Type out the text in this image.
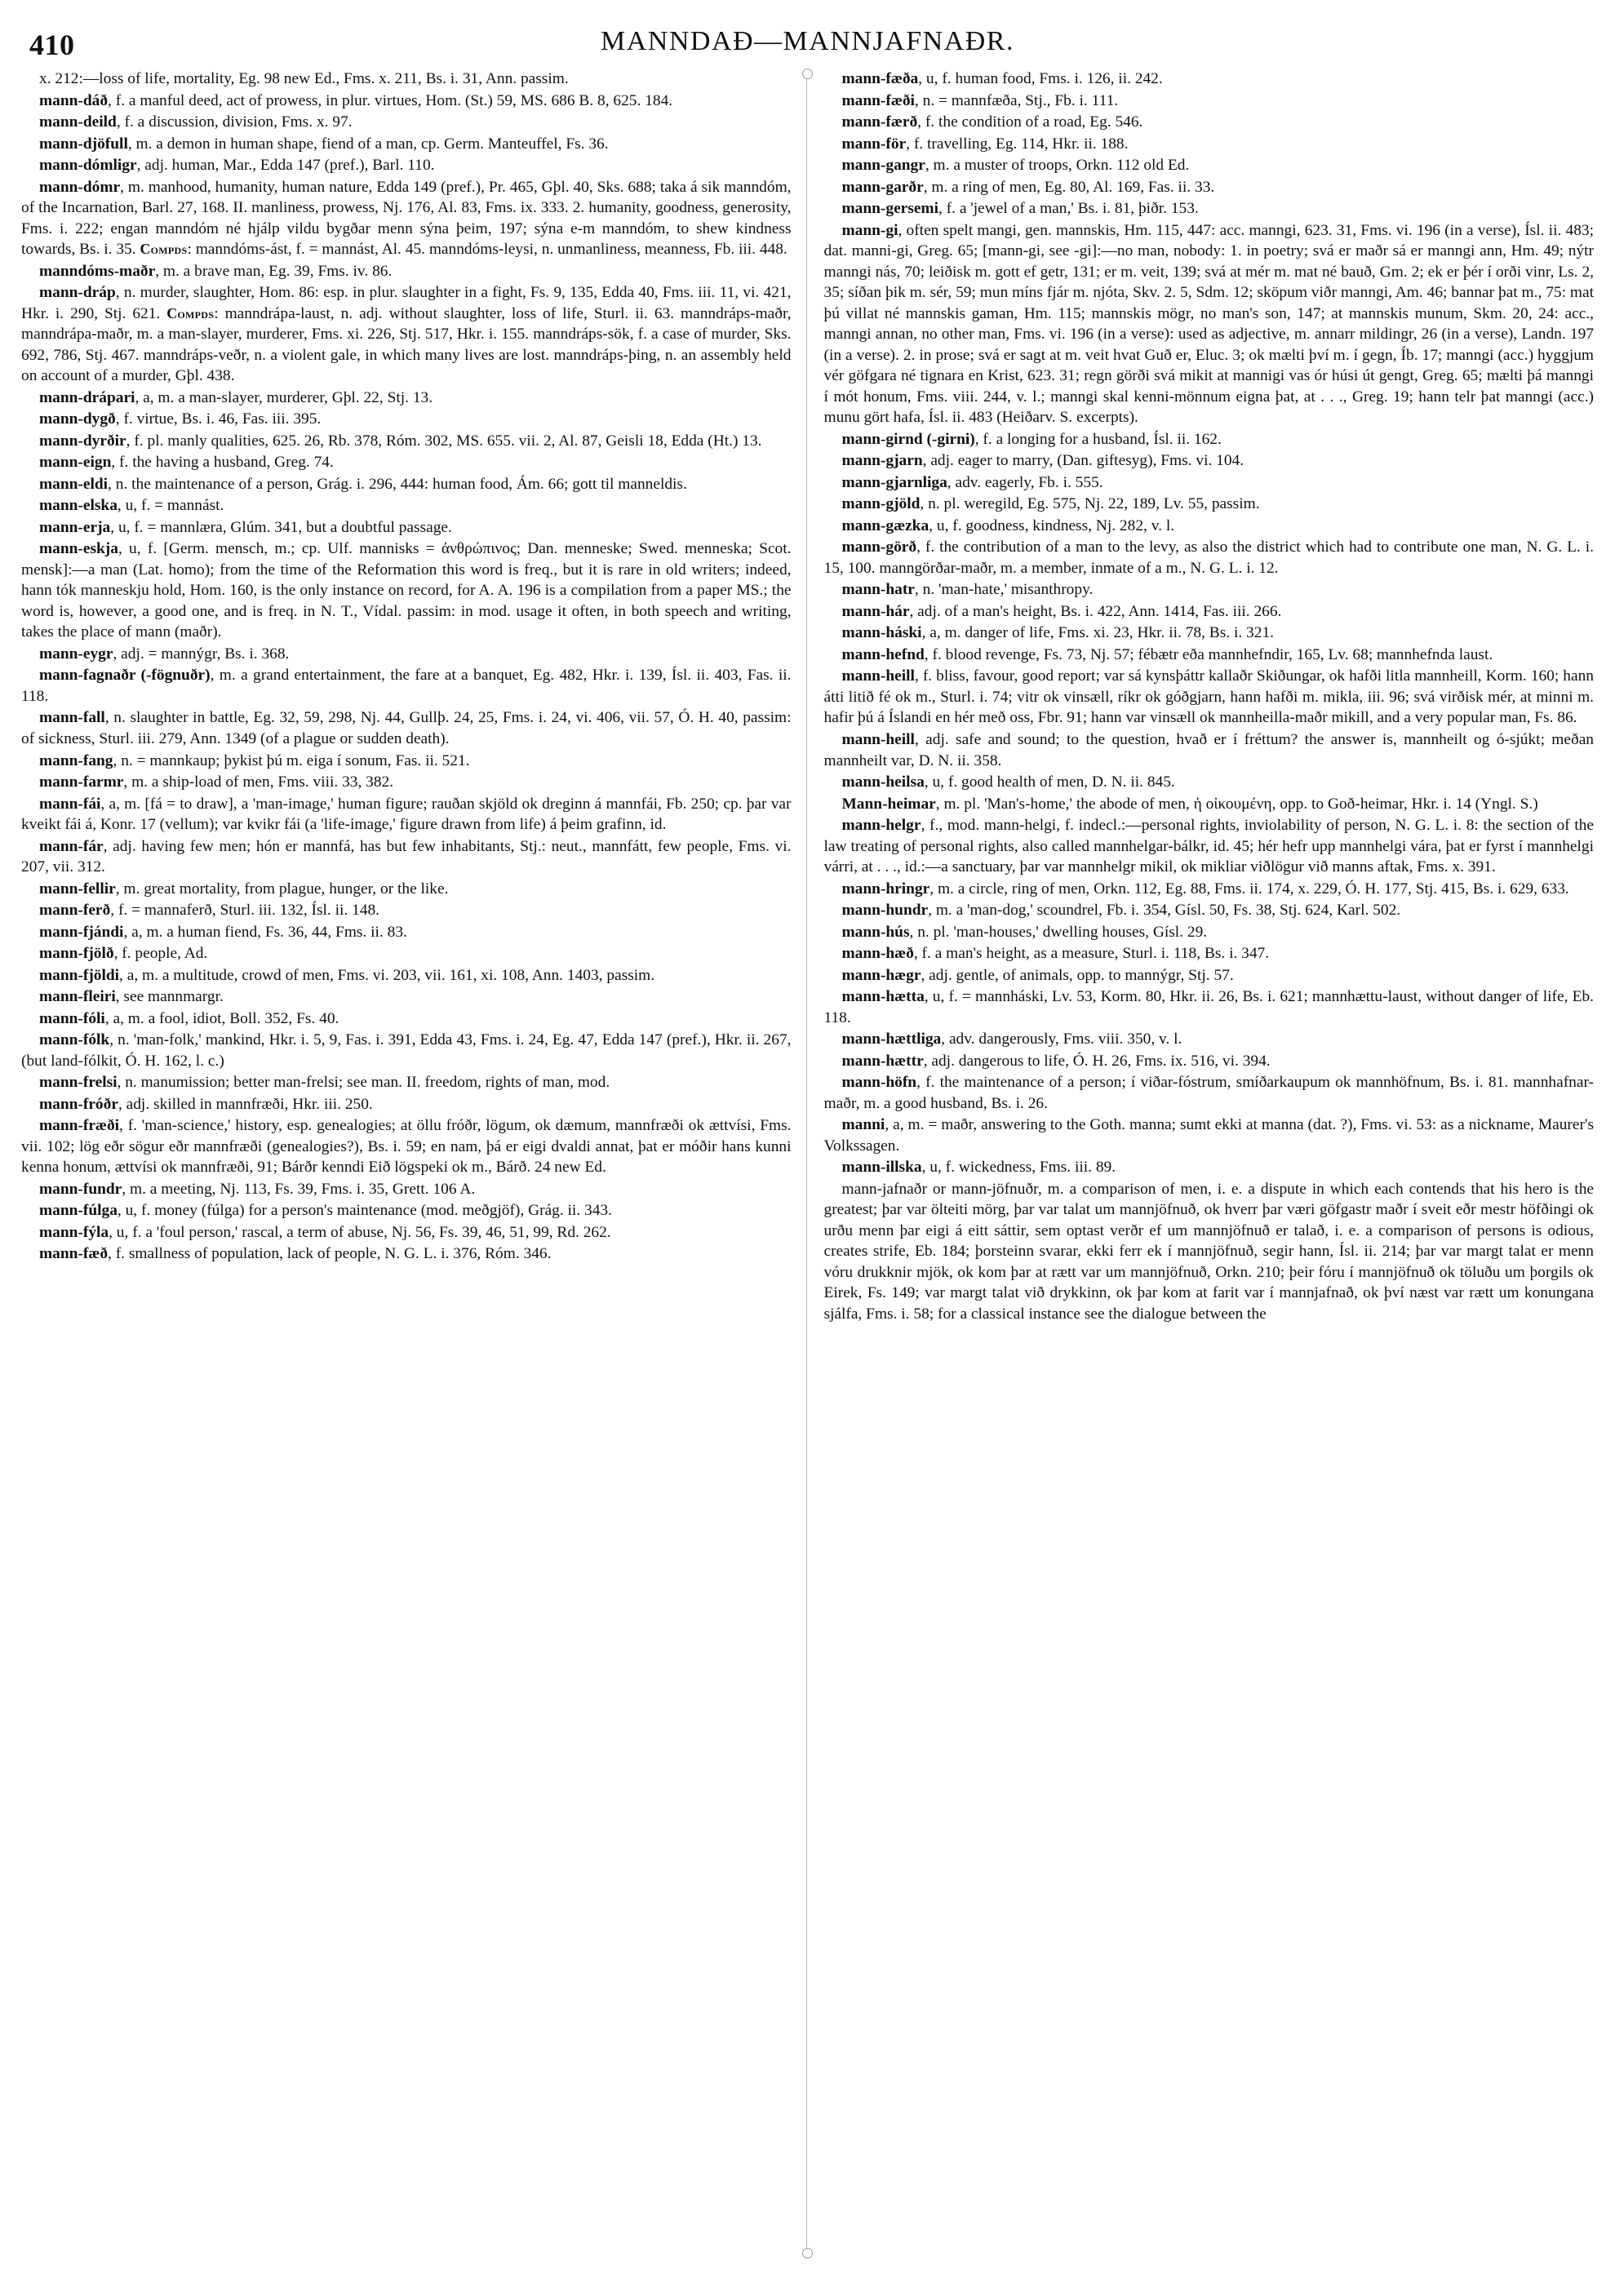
410	MANNDAÐ—MANNJAFNAÐR.

x. 212:—loss of life, mortality, Eg. 98 new Ed., Fms. x. 211, Bs. i. 31, Ann. passim.

mann-dáð, f. a manful deed, act of prowess, in plur. virtues, Hom. (St.) 59, MS. 686 B. 8, 625. 184.

mann-deild, f. a discussion, division, Fms. x. 97.

mann-djöfull, m. a demon in human shape, fiend of a man, cp. Germ. Manteuffel, Fs. 36.

mann-dómligr, adj. human, Mar., Edda 147 (pref.), Barl. 110.

mann-dómr, m. manhood, humanity, human nature, Edda 149 (pref.), Pr. 465, Gþl. 40, Sks. 688; taka á sik manndóm, of the Incarnation, Barl. 27, 168. II. manliness, prowess, Nj. 176, Al. 83, Fms. ix. 333. 2. humanity, goodness, generosity, Fms. i. 222; engan manndóm né hjálp vildu bygðar menn sýna þeim, 197; sýna e-m manndóm, to shew kindness towards, Bs. i. 35. Compds: manndóms-ást, f. = mannást, Al. 45. manndóms-leysi, n. unmanliness, meanness, Fb. iii. 448.

manndóms-maðr, m. a brave man, Eg. 39, Fms. iv. 86.

mann-dráp, n. murder, slaughter, Hom. 86: esp. in plur. slaughter in a fight, Fs. 9, 135, Edda 40, Fms. iii. 11, vi. 421, Hkr. i. 290, Stj. 621. Compds: manndrápa-laust, n. adj. without slaughter, loss of life, Sturl. ii. 63. manndráps-maðr, manndrápa-maðr, m. a man-slayer, murderer, Fms. xi. 226, Stj. 517, Hkr. i. 155. manndráps-sök, f. a case of murder, Sks. 692, 786, Stj. 467. manndráps-veðr, n. a violent gale, in which many lives are lost. manndráps-þing, n. an assembly held on account of a murder, Gþl. 438.

mann-drápari, a, m. a man-slayer, murderer, Gþl. 22, Stj. 13.

mann-dygð, f. virtue, Bs. i. 46, Fas. iii. 395.

mann-dyrðir, f. pl. manly qualities, 625. 26, Rb. 378, Róm. 302, MS. 655. vii. 2, Al. 87, Geisli 18, Edda (Ht.) 13.

mann-eign, f. the having a husband, Greg. 74.

mann-eldi, n. the maintenance of a person, Grág. i. 296, 444: human food, Ám. 66; gott til manneldis.

mann-elska, u, f. = mannást.

mann-erja, u, f. = mannlæra, Glúm. 341, but a doubtful passage.

mann-eskja, u, f. [Germ. mensch, m.; cp. Ulf. mannisks = ἀνθρώπινος; Dan. menneske; Swed. menneska; Scot. mensk]:—a man (Lat. homo); from the time of the Reformation this word is freq., but it is rare in old writers; indeed, hann tók manneskju hold, Hom. 160, is the only instance on record, for A. A. 196 is a compilation from a paper MS.; the word is, however, a good one, and is freq. in N. T., Vídal. passim: in mod. usage it often, in both speech and writing, takes the place of mann (maðr).

mann-eygr, adj. = mannýgr, Bs. i. 368.

mann-fagnaðr (-fögnuðr), m. a grand entertainment, the fare at a banquet, Eg. 482, Hkr. i. 139, Ísl. ii. 403, Fas. ii. 118.

mann-fall, n. slaughter in battle, Eg. 32, 59, 298, Nj. 44, Gullþ. 24, 25, Fms. i. 24, vi. 406, vii. 57, Ó. H. 40, passim: of sickness, Sturl. iii. 279, Ann. 1349 (of a plague or sudden death).

mann-fang, n. = mannkaup; þykist þú m. eiga í sonum, Fas. ii. 521.

mann-farmr, m. a ship-load of men, Fms. viii. 33, 382.

mann-fái, a, m. [fá = to draw], a 'man-image,' human figure; rauðan skjöld ok dreginn á mannfái, Fb. 250; cp. þar var kveikt fái á, Konr. 17 (vellum); var kvikr fái (a 'life-image,' figure drawn from life) á þeim grafinn, id.

mann-fár, adj. having few men; hón er mannfá, has but few inhabitants, Stj.: neut., mannfátt, few people, Fms. vi. 207, vii. 312.

mann-fellir, m. great mortality, from plague, hunger, or the like.

mann-ferð, f. = mannaferð, Sturl. iii. 132, Ísl. ii. 148.

mann-fjándi, a, m. a human fiend, Fs. 36, 44, Fms. ii. 83.

mann-fjölð, f. people, Ad.

mann-fjöldi, a, m. a multitude, crowd of men, Fms. vi. 203, vii. 161, xi. 108, Ann. 1403, passim.

mann-fleiri, see mannmargr.

mann-fóli, a, m. a fool, idiot, Boll. 352, Fs. 40.

mann-fólk, n. 'man-folk,' mankind, Hkr. i. 5, 9, Fas. i. 391, Edda 43, Fms. i. 24, Eg. 47, Edda 147 (pref.), Hkr. ii. 267, (but land-fólkit, Ó. H. 162, l. c.)

mann-frelsi, n. manumission; better man-frelsi; see man. II. freedom, rights of man, mod.

mann-fróðr, adj. skilled in mannfræði, Hkr. iii. 250.

mann-fræði, f. 'man-science,' history, esp. genealogies; at öllu fróðr, lögum, ok dæmum, mannfræði ok ættvísi, Fms. vii. 102; lög eðr sögur eðr mannfræði (genealogies?), Bs. i. 59; en nam, þá er eigi dvaldi annat, þat er móðir hans kunni kenna honum, ættvísi ok mannfræði, 91; Bárðr kenndi Eið lögspeki ok m., Bárð. 24 new Ed.

mann-fundr, m. a meeting, Nj. 113, Fs. 39, Fms. i. 35, Grett. 106 A.

mann-fúlga, u, f. money (fúlga) for a person's maintenance (mod. meðgjöf), Grág. ii. 343.

mann-fýla, u, f. a 'foul person,' rascal, a term of abuse, Nj. 56, Fs. 39, 46, 51, 99, Rd. 262.

mann-fæð, f. smallness of population, lack of people, N. G. L. i. 376, Róm. 346.

mann-fæða, u, f. human food, Fms. i. 126, ii. 242.

mann-fæði, n. = mannfæða, Stj., Fb. i. 111.

mann-færð, f. the condition of a road, Eg. 546.

mann-för, f. travelling, Eg. 114, Hkr. ii. 188.

mann-gangr, m. a muster of troops, Orkn. 112 old Ed.

mann-garðr, m. a ring of men, Eg. 80, Al. 169, Fas. ii. 33.

mann-gersemi, f. a 'jewel of a man,' Bs. i. 81, þiðr. 153.

mann-gi, often spelt mangi, gen. mannskis, Hm. 115, 447: acc. manngi, 623. 31, Fms. vi. 196 (in a verse), Ísl. ii. 483; dat. manni-gi, Greg. 65; [mann-gi, see -gi]:—no man, nobody: 1. in poetry; svá er maðr sá er manngi ann, Hm. 49; nýtr manngi nás, 70; leiðisk m. gott ef getr, 131; er m. veit, 139; svá at mér m. mat né bauð, Gm. 2; ek er þér í orði vinr, Ls. 2, 35; síðan þik m. sér, 59; mun míns fjár m. njóta, Skv. 2. 5, Sdm. 12; sköpum viðr manngi, Am. 46; bannar þat m., 75: mat þú villat né mannskis gaman, Hm. 115; mannskis mögr, no man's son, 147; at mannskis munum, Skm. 20, 24: acc., manngi annan, no other man, Fms. vi. 196 (in a verse): used as adjective, m. annarr mildingr, 26 (in a verse), Landn. 197 (in a verse). 2. in prose; svá er sagt at m. veit hvat Guð er, Eluc. 3; ok mælti því m. í gegn, Íb. 17; manngi (acc.) hyggjum vér göfgara né tignara en Krist, 623. 31; regn görði svá mikit at mannigi vas ór húsi út gengt, Greg. 65; mælti þá manngi í mót honum, Fms. viii. 244, v. l.; manngi skal kenni-mönnum eigna þat, at . . ., Greg. 19; hann telr þat manngi (acc.) munu gört hafa, Ísl. ii. 483 (Heiðarv. S. excerpts).

mann-girnd (-girni), f. a longing for a husband, Ísl. ii. 162.

mann-gjarn, adj. eager to marry, (Dan. giftesyg), Fms. vi. 104.

mann-gjarnliga, adv. eagerly, Fb. i. 555.

mann-gjöld, n. pl. weregild, Eg. 575, Nj. 22, 189, Lv. 55, passim.

mann-gæzka, u, f. goodness, kindness, Nj. 282, v. l.

mann-görð, f. the contribution of a man to the levy, as also the district which had to contribute one man, N. G. L. i. 15, 100. manngörðar-maðr, m. a member, inmate of a m., N. G. L. i. 12.

mann-hatr, n. 'man-hate,' misanthropy.

mann-hár, adj. of a man's height, Bs. i. 422, Ann. 1414, Fas. iii. 266.

mann-háski, a, m. danger of life, Fms. xi. 23, Hkr. ii. 78, Bs. i. 321.

mann-hefnd, f. blood revenge, Fs. 73, Nj. 57; fébætr eða mannhefndir, 165, Lv. 68; mannhefnda laust.

mann-heill, f. bliss, favour, good report; var sá kynsþáttr kallaðr Skiðungar, ok hafði litla mannheill, Korm. 160; hann átti litið fé ok m., Sturl. i. 74; vitr ok vinsæll, ríkr ok góðgjarn, hann hafði m. mikla, iii. 96; svá virðisk mér, at minni m. hafir þú á Íslandi en hér með oss, Fbr. 91; hann var vinsæll ok mannheilla-maðr mikill, and a very popular man, Fs. 86.

mann-heill, adj. safe and sound; to the question, hvað er í fréttum? the answer is, mannheilt og ó-sjúkt; meðan mannheilt var, D. N. ii. 358.

mann-heilsa, u, f. good health of men, D. N. ii. 845.

Mann-heimar, m. pl. 'Man's-home,' the abode of men, ἡ οἰκουμένη, opp. to Goð-heimar, Hkr. i. 14 (Yngl. S.)

mann-helgr, f., mod. mann-helgi, f. indecl.:—personal rights, inviolability of person, N. G. L. i. 8: the section of the law treating of personal rights, also called mannhelgar-bálkr, id. 45; hér hefr upp mannhelgi vára, þat er fyrst í mannhelgi várri, at . . ., id.:—a sanctuary, þar var mannhelgr mikil, ok mikliar viðlögur við manns aftak, Fms. x. 391.

mann-hringr, m. a circle, ring of men, Orkn. 112, Eg. 88, Fms. ii. 174, x. 229, Ó. H. 177, Stj. 415, Bs. i. 629, 633.

mann-hundr, m. a 'man-dog,' scoundrel, Fb. i. 354, Gísl. 50, Fs. 38, Stj. 624, Karl. 502.

mann-hús, n. pl. 'man-houses,' dwelling houses, Gísl. 29.

mann-hæð, f. a man's height, as a measure, Sturl. i. 118, Bs. i. 347.

mann-hægr, adj. gentle, of animals, opp. to mannýgr, Stj. 57.

mann-hætta, u, f. = mannháski, Lv. 53, Korm. 80, Hkr. ii. 26, Bs. i. 621; mannhættu-laust, without danger of life, Eb. 118.

mann-hættliga, adv. dangerously, Fms. viii. 350, v. l.

mann-hættr, adj. dangerous to life, Ó. H. 26, Fms. ix. 516, vi. 394.

mann-höfn, f. the maintenance of a person; í viðar-fóstrum, smíðarkaupum ok mannhöfnum, Bs. i. 81. mannhafnar-maðr, m. a good husband, Bs. i. 26.

manni, a, m. = maðr, answering to the Goth. manna; sumt ekki at manna (dat. ?), Fms. vi. 53: as a nickname, Maurer's Volkssagen.

mann-illska, u, f. wickedness, Fms. iii. 89.

mann-jafnaðr or mann-jöfnuðr, m. a comparison of men, i. e. a dispute in which each contends that his hero is the greatest; þar var ölteiti mörg, þar var talat um mannjöfnuð, ok hverr þar væri göfgastr maðr í sveit eðr mestr höfðingi ok urðu menn þar eigi á eitt sáttir, sem optast verðr ef um mannjöfnuð er talað, i. e. a comparison of persons is odious, creates strife, Eb. 184; þorsteinn svarar, ekki ferr ek í mannjöfnuð, segir hann, Ísl. ii. 214; þar var margt talat er menn vóru drukknir mjök, ok kom þar at rætt var um mannjöfnuð, Orkn. 210; þeir fóru í mannjöfnuð ok töluðu um þorgils ok Eirek, Fs. 149; var margt talat við drykkinn, ok þar kom at farit var í mannjafnað, ok því næst var rætt um konungana sjálfa, Fms. i. 58; for a classical instance see the dialogue between the
